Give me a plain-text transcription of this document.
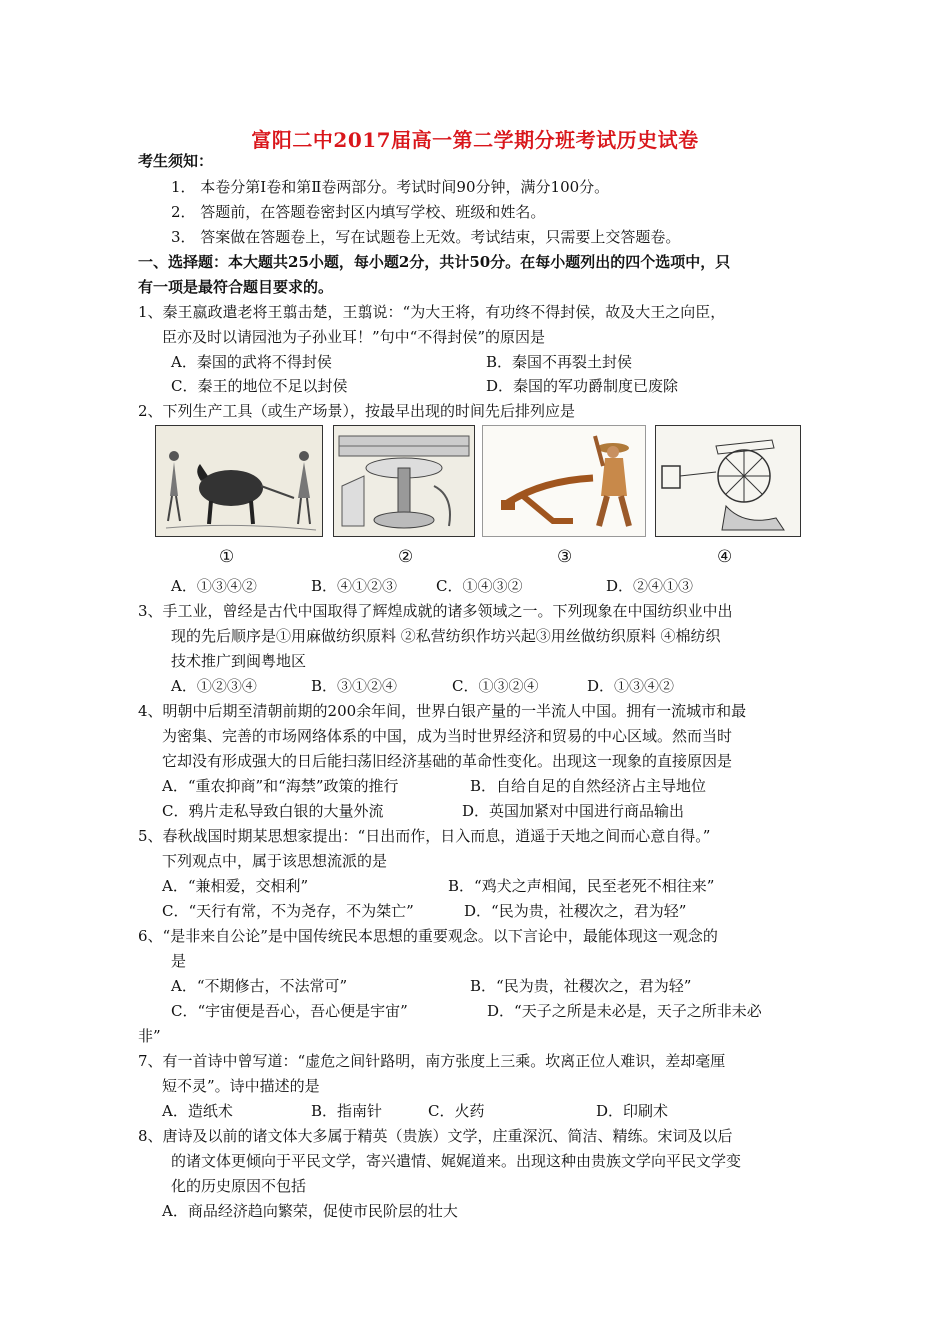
富阳二中2017届高一第二学期分班考试历史试卷
考生须知：
1． 本卷分第Ⅰ卷和第Ⅱ卷两部分。考试时间90分钟，满分100分。
2． 答题前，在答题卷密封区内填写学校、班级和姓名。
3． 答案做在答题卷上，写在试题卷上无效。考试结束，只需要上交答题卷。
一、选择题：本大题共25小题，每小题2分，共计50分。在每小题列出的四个选项中，只
有一项是最符合题目要求的。
1、秦王嬴政遣老将王翦击楚，王翦说：“为大王将，有功终不得封侯，故及大王之向臣，
臣亦及时以请园池为子孙业耳！”句中“不得封侯”的原因是
A．秦国的武将不得封侯	B．秦国不再裂土封侯
C．秦王的地位不足以封侯	D．秦国的军功爵制度已废除
2、下列生产工具（或生产场景），按最早出现的时间先后排列应是
①	②	③	④
A．①③④②	B．④①②③	C．①④③②	D．②④①③
3、手工业，曾经是古代中国取得了辉煌成就的诸多领域之一。下列现象在中国纺织业中出
现的先后顺序是①用麻做纺织原料 ②私营纺织作坊兴起③用丝做纺织原料 ④棉纺织
技术推广到闽粤地区
A．①②③④	B．③①②④	C．①③②④	D．①③④②
4、明朝中后期至清朝前期的200余年间，世界白银产量的一半流人中国。拥有一流城市和最
为密集、完善的市场网络体系的中国，成为当时世界经济和贸易的中心区域。然而当时
它却没有形成强大的日后能扫荡旧经济基础的革命性变化。出现这一现象的直接原因是
A．“重农抑商”和“海禁”政策的推行	B．自给自足的自然经济占主导地位
C．鸦片走私导致白银的大量外流	D．英国加紧对中国进行商品输出
5、春秋战国时期某思想家提出：“日出而作，日入而息，逍遥于天地之间而心意自得。”
下列观点中，属于该思想流派的是
A．“兼相爱，交相利”	B．“鸡犬之声相闻，民至老死不相往来”
C．“天行有常，不为尧存，不为桀亡”	D．“民为贵，社稷次之，君为轻”
6、“是非来自公论”是中国传统民本思想的重要观念。以下言论中，最能体现这一观念的
是
A．“不期修古，不法常可”	B．“民为贵，社稷次之，君为轻”
C．“宇宙便是吾心，吾心便是宇宙”	D．“天子之所是未必是，天子之所非未必
非”
7、有一首诗中曾写道：“虚危之间针路明，南方张度上三乘。坎离正位人难识，差却毫厘
短不灵”。诗中描述的是
A．造纸术	B．指南针	C．火药	D．印刷术
8、唐诗及以前的诸文体大多属于精英（贵族）文学，庄重深沉、简洁、精练。宋词及以后
的诸文体更倾向于平民文学，寄兴遣情、娓娓道来。出现这种由贵族文学向平民文学变
化的历史原因不包括
A．商品经济趋向繁荣，促使市民阶层的壮大
